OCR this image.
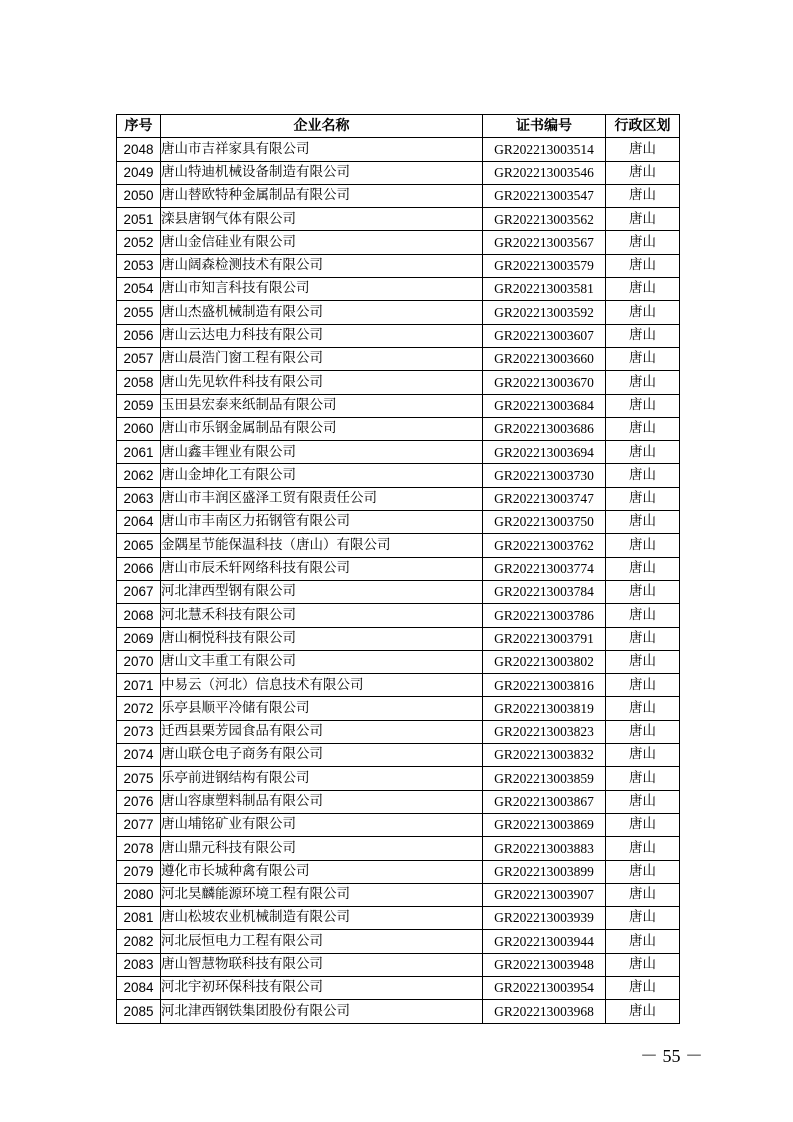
序号	企业名称	证书编号	行政区划
2048	唐山市吉祥家具有限公司	GR202213003514	唐山
2049	唐山特迪机械设备制造有限公司	GR202213003546	唐山
2050	唐山替欧特种金属制品有限公司	GR202213003547	唐山
2051	滦县唐钢气体有限公司	GR202213003562	唐山
2052	唐山金信硅业有限公司	GR202213003567	唐山
2053	唐山阔森检测技术有限公司	GR202213003579	唐山
2054	唐山市知言科技有限公司	GR202213003581	唐山
2055	唐山杰盛机械制造有限公司	GR202213003592	唐山
2056	唐山云达电力科技有限公司	GR202213003607	唐山
2057	唐山晨浩门窗工程有限公司	GR202213003660	唐山
2058	唐山先见软件科技有限公司	GR202213003670	唐山
2059	玉田县宏泰来纸制品有限公司	GR202213003684	唐山
2060	唐山市乐钢金属制品有限公司	GR202213003686	唐山
2061	唐山鑫丰锂业有限公司	GR202213003694	唐山
2062	唐山金坤化工有限公司	GR202213003730	唐山
2063	唐山市丰润区盛泽工贸有限责任公司	GR202213003747	唐山
2064	唐山市丰南区力拓钢管有限公司	GR202213003750	唐山
2065	金隅星节能保温科技（唐山）有限公司	GR202213003762	唐山
2066	唐山市辰禾轩网络科技有限公司	GR202213003774	唐山
2067	河北津西型钢有限公司	GR202213003784	唐山
2068	河北慧禾科技有限公司	GR202213003786	唐山
2069	唐山桐悦科技有限公司	GR202213003791	唐山
2070	唐山文丰重工有限公司	GR202213003802	唐山
2071	中易云（河北）信息技术有限公司	GR202213003816	唐山
2072	乐亭县顺平冷储有限公司	GR202213003819	唐山
2073	迁西县栗芳园食品有限公司	GR202213003823	唐山
2074	唐山联仓电子商务有限公司	GR202213003832	唐山
2075	乐亭前进钢结构有限公司	GR202213003859	唐山
2076	唐山容康塑料制品有限公司	GR202213003867	唐山
2077	唐山埔铭矿业有限公司	GR202213003869	唐山
2078	唐山鼎元科技有限公司	GR202213003883	唐山
2079	遵化市长城种禽有限公司	GR202213003899	唐山
2080	河北昊麟能源环境工程有限公司	GR202213003907	唐山
2081	唐山松坡农业机械制造有限公司	GR202213003939	唐山
2082	河北辰恒电力工程有限公司	GR202213003944	唐山
2083	唐山智慧物联科技有限公司	GR202213003948	唐山
2084	河北宇初环保科技有限公司	GR202213003954	唐山
2085	河北津西钢铁集团股份有限公司	GR202213003968	唐山
－ 55 －
